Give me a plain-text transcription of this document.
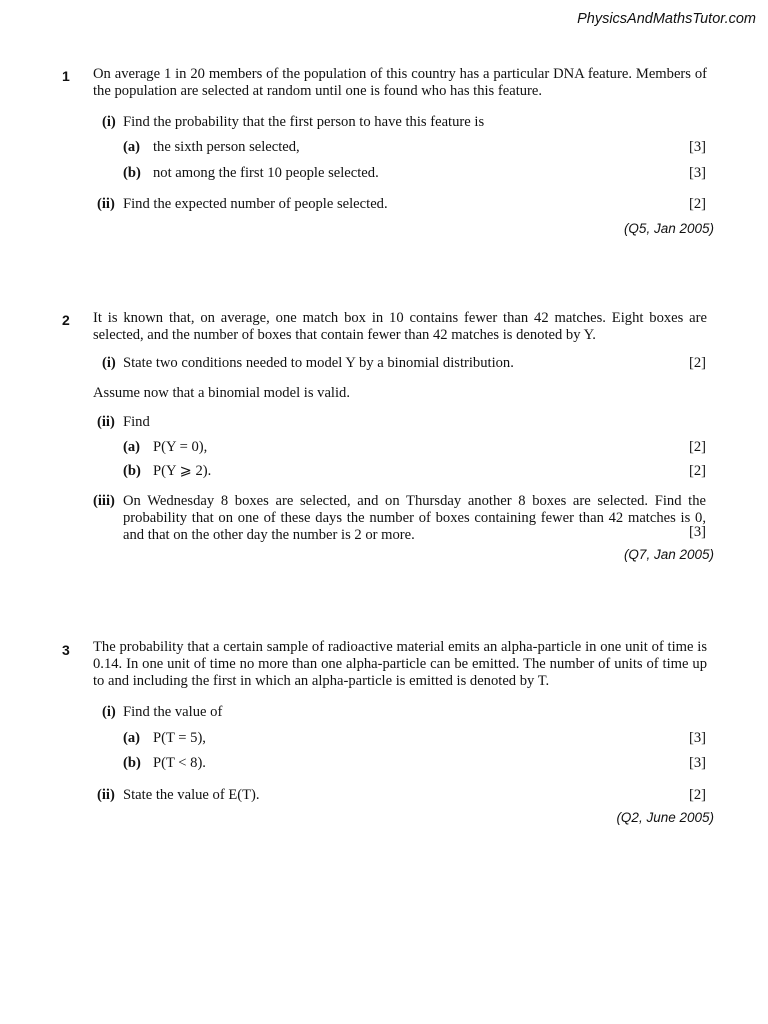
PhysicsAndMathsTutor.com
1 On average 1 in 20 members of the population of this country has a particular DNA feature. Members of the population are selected at random until one is found who has this feature.
(i) Find the probability that the first person to have this feature is
(a) the sixth person selected,	[3]
(b) not among the first 10 people selected.	[3]
(ii) Find the expected number of people selected.	[2]
(Q5, Jan 2005)
2 It is known that, on average, one match box in 10 contains fewer than 42 matches. Eight boxes are selected, and the number of boxes that contain fewer than 42 matches is denoted by Y.
(i) State two conditions needed to model Y by a binomial distribution.	[2]
Assume now that a binomial model is valid.
(ii) Find
(a) P(Y = 0),	[2]
(b) P(Y ⩾ 2).	[2]
(iii) On Wednesday 8 boxes are selected, and on Thursday another 8 boxes are selected. Find the probability that on one of these days the number of boxes containing fewer than 42 matches is 0, and that on the other day the number is 2 or more.	[3]
(Q7, Jan 2005)
3 The probability that a certain sample of radioactive material emits an alpha-particle in one unit of time is 0.14. In one unit of time no more than one alpha-particle can be emitted. The number of units of time up to and including the first in which an alpha-particle is emitted is denoted by T.
(i) Find the value of
(a) P(T = 5),	[3]
(b) P(T < 8).	[3]
(ii) State the value of E(T).	[2]
(Q2, June 2005)
